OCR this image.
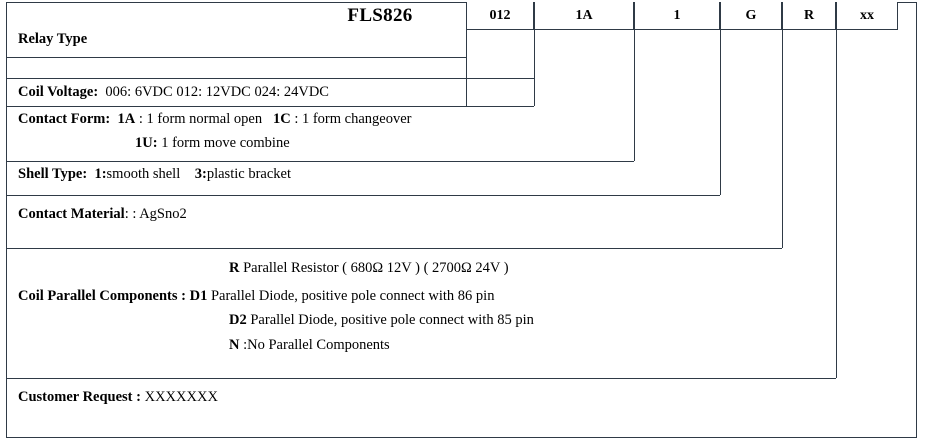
FLS826	012	1A	1	G	R	xx
Relay Type
Coil Voltage: 006: 6VDC 012: 12VDC 024: 24VDC
Contact Form: 1A : 1 form normal open 1C : 1 form changeover
1U: 1 form move combine
Shell Type: 1:smooth shell 3:plastic bracket
Contact Material: : AgSno2
R Parallel Resistor ( 680Ω 12V ) ( 2700Ω 24V )
Coil Parallel Components : D1 Parallel Diode, positive pole connect with 86 pin
D2 Parallel Diode, positive pole connect with 85 pin
N :No Parallel Components
Customer Request : XXXXXXX
